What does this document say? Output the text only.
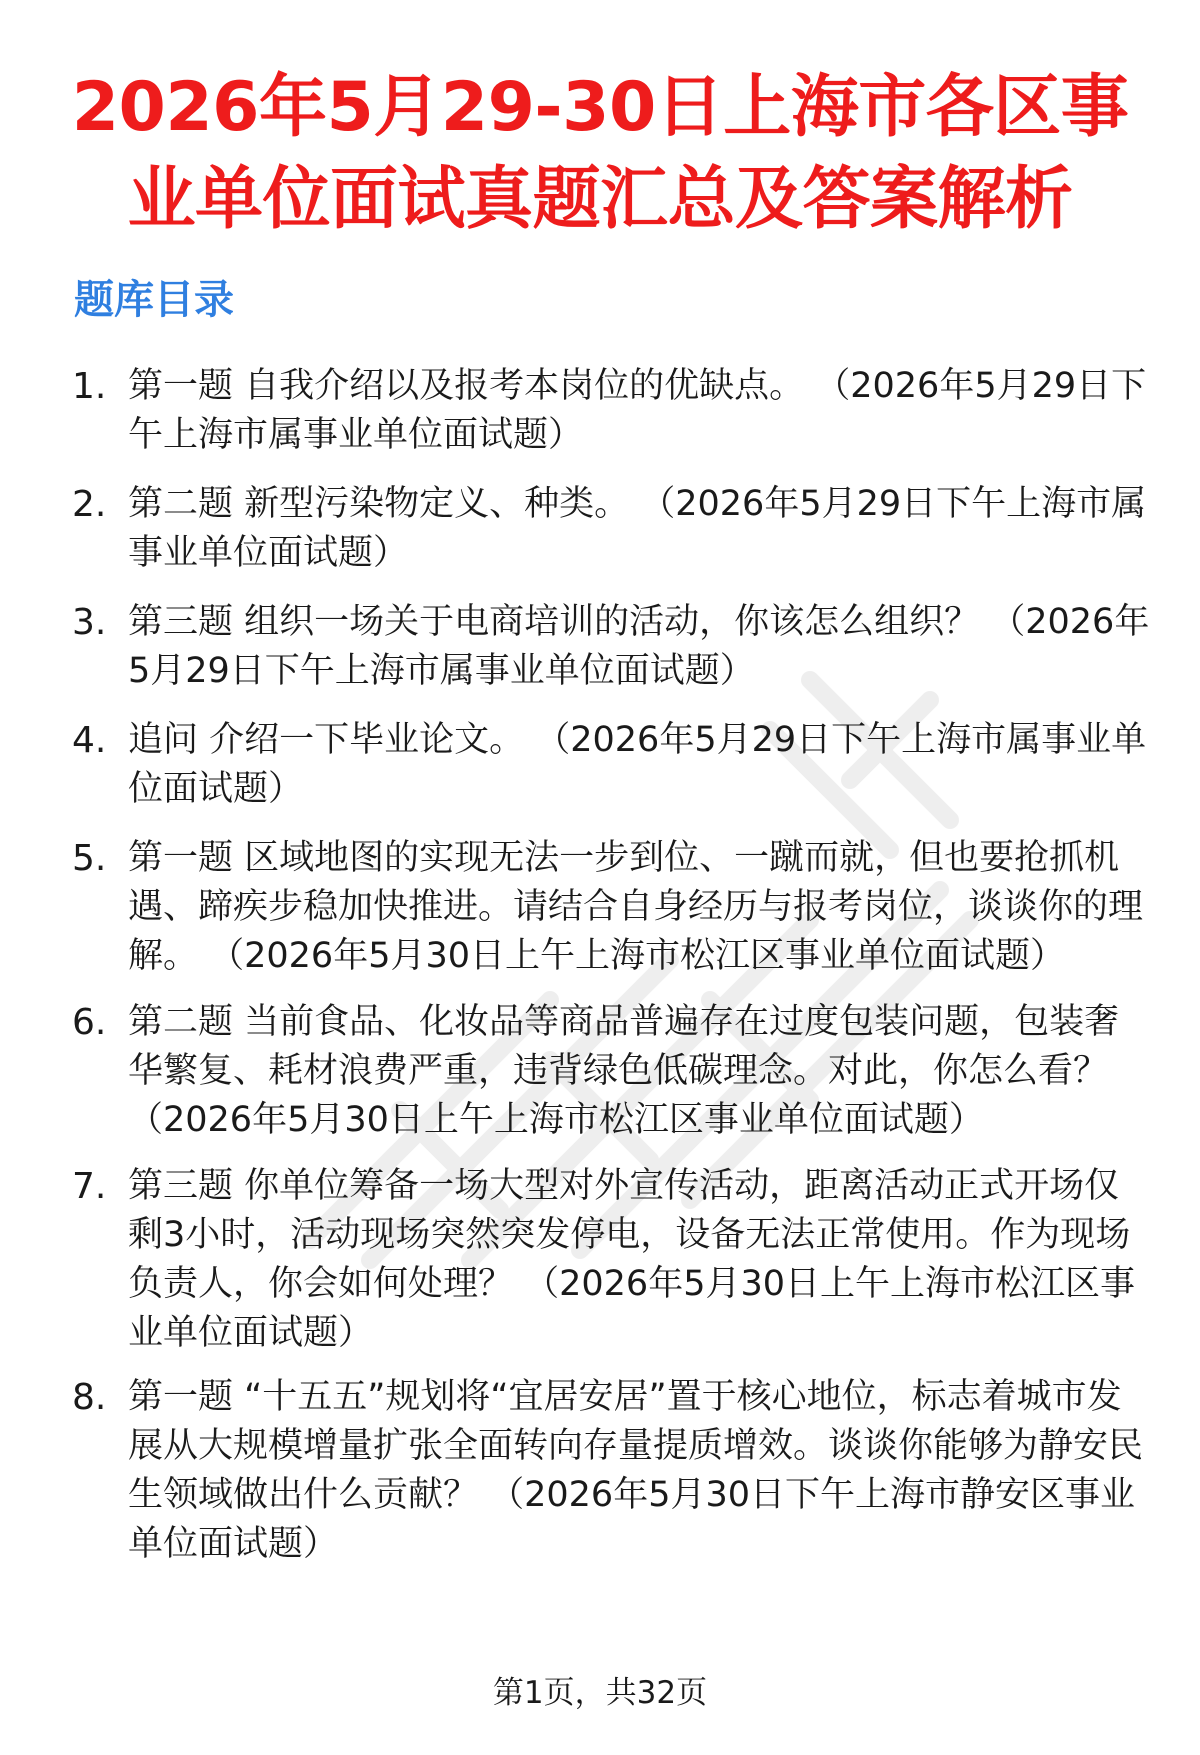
2026年5月29-30日上海市各区事业单位面试真题汇总及答案解析
题库目录
1. 第一题 自我介绍以及报考本岗位的优缺点。 （2026年5月29日下午上海市属事业单位面试题）
2. 第二题 新型污染物定义、种类。 （2026年5月29日下午上海市属事业单位面试题）
3. 第三题 组织一场关于电商培训的活动，你该怎么组织？ （2026年5月29日下午上海市属事业单位面试题）
4. 追问 介绍一下毕业论文。 （2026年5月29日下午上海市属事业单位面试题）
5. 第一题 区域地图的实现无法一步到位、一蹴而就，但也要抢抓机遇、蹄疾步稳加快推进。请结合自身经历与报考岗位，谈谈你的理解。 （2026年5月30日上午上海市松江区事业单位面试题）
6. 第二题 当前食品、化妆品等商品普遍存在过度包装问题，包装奢华繁复、耗材浪费严重，违背绿色低碳理念。对此，你怎么看？ （2026年5月30日上午上海市松江区事业单位面试题）
7. 第三题 你单位筹备一场大型对外宣传活动，距离活动正式开场仅剩3小时，活动现场突然突发停电，设备无法正常使用。作为现场负责人，你会如何处理？ （2026年5月30日上午上海市松江区事业单位面试题）
8. 第一题 “十五五”规划将“宜居安居”置于核心地位，标志着城市发展从大规模增量扩张全面转向存量提质增效。谈谈你能够为静安民生领域做出什么贡献？ （2026年5月30日下午上海市静安区事业单位面试题）
第1页，共32页
